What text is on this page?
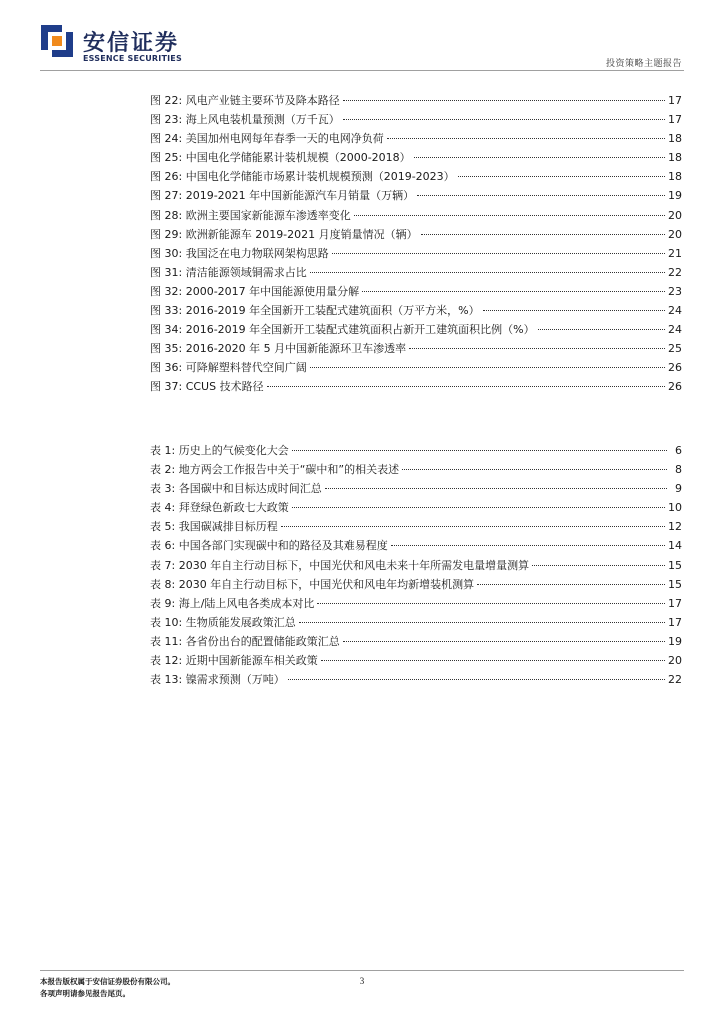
安信证券
ESSENCE SECURITIES
投资策略主题报告
图 22: 风电产业链主要环节及降本路径	17
图 23: 海上风电装机量预测（万千瓦）	17
图 24: 美国加州电网每年春季一天的电网净负荷	18
图 25: 中国电化学储能累计装机规模（2000-2018）	18
图 26: 中国电化学储能市场累计装机规模预测（2019-2023）	18
图 27: 2019-2021 年中国新能源汽车月销量（万辆）	19
图 28: 欧洲主要国家新能源车渗透率变化	20
图 29: 欧洲新能源车 2019-2021 月度销量情况（辆）	20
图 30: 我国泛在电力物联网架构思路	21
图 31: 清洁能源领域铜需求占比	22
图 32: 2000-2017 年中国能源使用量分解	23
图 33: 2016-2019 年全国新开工装配式建筑面积（万平方米，%）	24
图 34: 2016-2019 年全国新开工装配式建筑面积占新开工建筑面积比例（%）	24
图 35: 2016-2020 年 5 月中国新能源环卫车渗透率	25
图 36: 可降解塑料替代空间广阔	26
图 37: CCUS 技术路径	26
表 1: 历史上的气候变化大会	6
表 2: 地方两会工作报告中关于“碳中和”的相关表述	8
表 3: 各国碳中和目标达成时间汇总	9
表 4: 拜登绿色新政七大政策	10
表 5: 我国碳减排目标历程	12
表 6: 中国各部门实现碳中和的路径及其难易程度	14
表 7: 2030 年自主行动目标下，中国光伏和风电未来十年所需发电量增量测算	15
表 8: 2030 年自主行动目标下，中国光伏和风电年均新增装机测算	15
表 9: 海上/陆上风电各类成本对比	17
表 10: 生物质能发展政策汇总	17
表 11: 各省份出台的配置储能政策汇总	19
表 12: 近期中国新能源车相关政策	20
表 13: 镍需求预测（万吨）	22
本报告版权属于安信证券股份有限公司。
各项声明请参见报告尾页。
3
